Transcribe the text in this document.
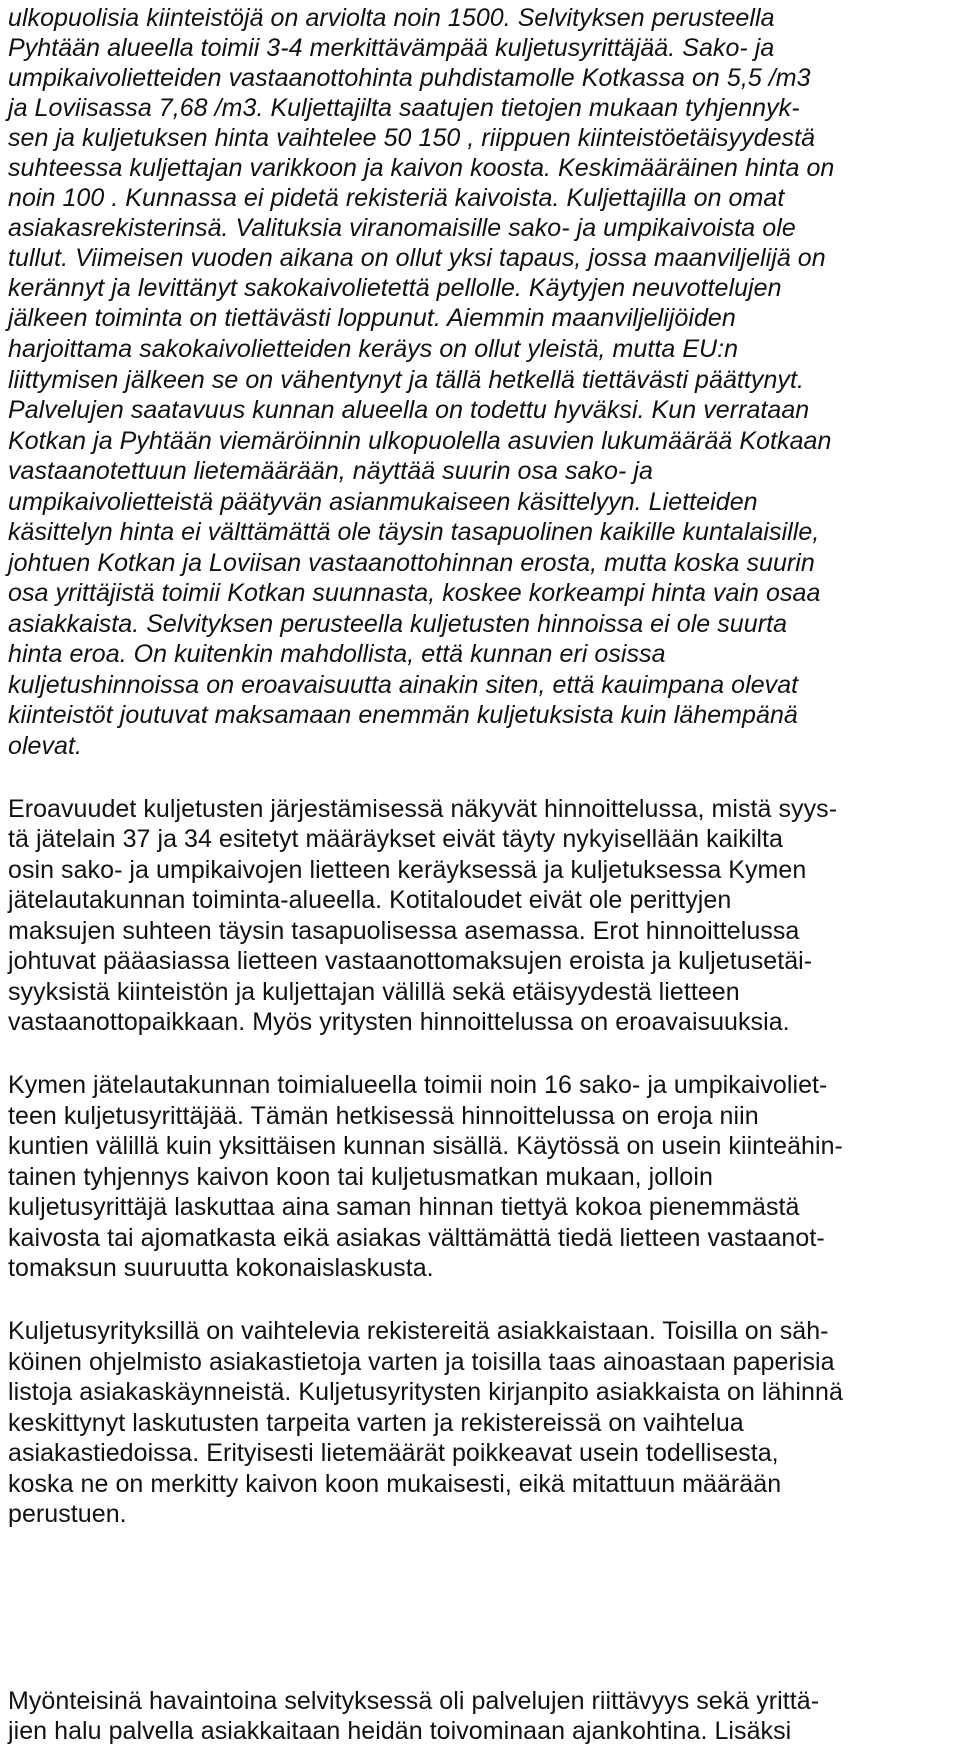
ulkopuolisia kiinteistöjä on arviolta noin 1500. Selvityksen perusteella
Pyhtään alueella toimii 3-4 merkittävämpää kuljetusyrittäjää. Sako- ja
umpikaivolietteiden vastaanottohinta puhdistamolle Kotkassa on 5,5 /m3
ja Loviisassa 7,68 /m3. Kuljettajilta saatujen tietojen mukaan tyhjennyk-
sen ja kuljetuksen hinta vaihtelee 50 150 , riippuen kiinteistöetäisyydestä
suhteessa kuljettajan varikkoon ja kaivon koosta. Keskimääräinen hinta on
noin 100 . Kunnassa ei pidetä rekisteriä kaivoista. Kuljettajilla on omat
asiakasrekisterinsä. Valituksia viranomaisille sako- ja umpikaivoista ole
tullut. Viimeisen vuoden aikana on ollut yksi tapaus, jossa maanviljelijä on
kerännyt ja levittänyt sakokaivolietettä pellolle. Käytyjen neuvottelujen
jälkeen toiminta on tiettävästi loppunut. Aiemmin maanviljelijöiden
harjoittama sakokaivolietteiden keräys on ollut yleistä, mutta EU:n
liittymisen jälkeen se on vähentynyt ja tällä hetkellä tiettävästi päättynyt.
Palvelujen saatavuus kunnan alueella on todettu hyväksi. Kun verrataan
Kotkan ja Pyhtään viemäröinnin ulkopuolella asuvien lukumäärää Kotkaan
vastaanotettuun lietemäärään, näyttää suurin osa sako- ja
umpikaivolietteistä päätyvän asianmukaiseen käsittelyyn. Lietteiden
käsittelyn hinta ei välttämättä ole täysin tasapuolinen kaikille kuntalaisille,
johtuen Kotkan ja Loviisan vastaanottohinnan erosta, mutta koska suurin
osa yrittäjistä toimii Kotkan suunnasta, koskee korkeampi hinta vain osaa
asiakkaista. Selvityksen perusteella kuljetusten hinnoissa ei ole suurta
hinta eroa. On kuitenkin mahdollista, että kunnan eri osissa
kuljetushinnoissa on eroavaisuutta ainakin siten, että kauimpana olevat
kiinteistöt joutuvat maksamaan enemmän kuljetuksista kuin lähempänä
olevat.
Eroavuudet kuljetusten järjestämisessä näkyvät hinnoittelussa, mistä syys-
tä jätelain 37 ja 34 esitetyt määräykset eivät täyty nykyisellään kaikilta
osin sako- ja umpikaivojen lietteen keräyksessä ja kuljetuksessa Kymen
jätelautakunnan toiminta-alueella. Kotitaloudet eivät ole perittyjen
maksujen suhteen täysin tasapuolisessa asemassa. Erot hinnoittelussa
johtuvat pääasiassa lietteen vastaanottomaksujen eroista ja kuljetusetäi-
syyksistä kiinteistön ja kuljettajan välillä sekä etäisyydestä lietteen
vastaanottopaikkaan. Myös yritysten hinnoittelussa on eroavaisuuksia.
Kymen jätelautakunnan toimialueella toimii noin 16 sako- ja umpikaivoliet-
teen kuljetusyrittäjää. Tämän hetkisessä hinnoittelussa on eroja niin
kuntien välillä kuin yksittäisen kunnan sisällä. Käytössä on usein kiinteähin-
tainen tyhjennys kaivon koon tai kuljetusmatkan mukaan, jolloin
kuljetusyrittäjä laskuttaa aina saman hinnan tiettyä kokoa pienemmästä
kaivosta tai ajomatkasta eikä asiakas välttämättä tiedä lietteen vastaanot-
tomaksun suuruutta kokonaislaskusta.
Kuljetusyrityksillä on vaihtelevia rekistereitä asiakkaistaan. Toisilla on säh-
köinen ohjelmisto asiakastietoja varten ja toisilla taas ainoastaan paperisia
listoja asiakaskäynneistä. Kuljetusyritysten kirjanpito asiakkaista on lähinnä
keskittynyt laskutusten tarpeita varten ja rekistereissä on vaihtelua
asiakastiedoissa. Erityisesti lietemäärät poikkeavat usein todellisesta,
koska ne on merkitty kaivon koon mukaisesti, eikä mitattuun määrään
perustuen.
Myönteisinä havaintoina selvityksessä oli palvelujen riittävyys sekä yrittä-
jien halu palvella asiakkaitaan heidän toivominaan ajankohtina. Lisäksi
